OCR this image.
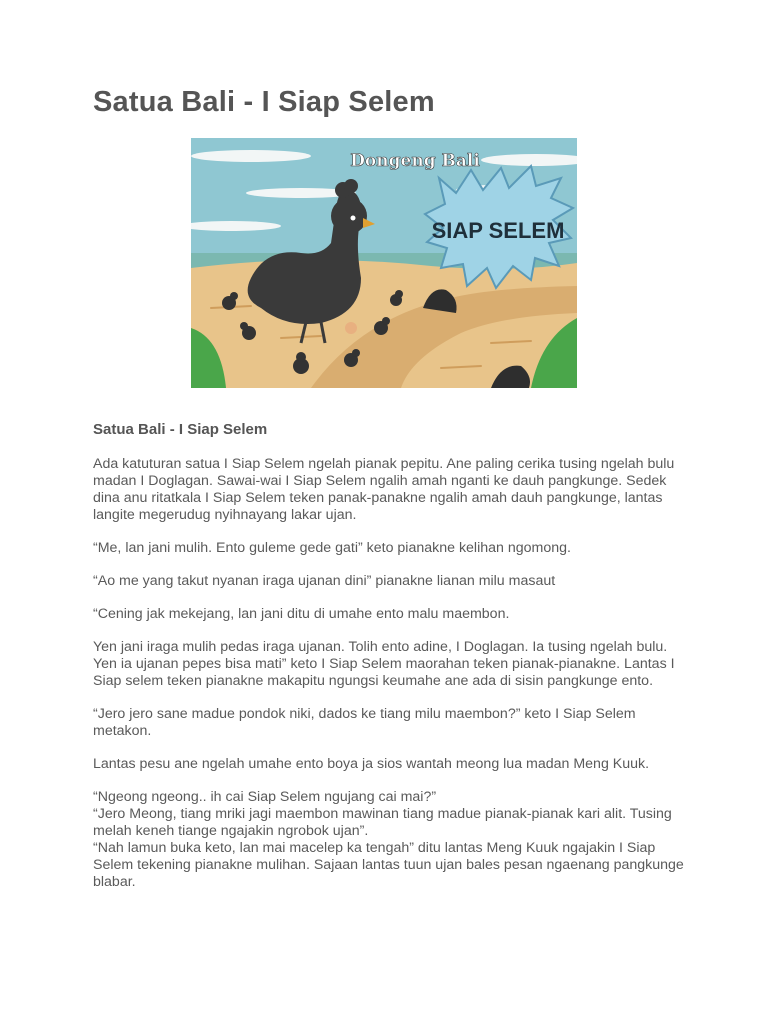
Satua Bali - I Siap Selem
SIAP SELEM
Dongeng Bali
Satua Bali - I Siap Selem

Ada katuturan satua I Siap Selem ngelah pianak pepitu. Ane paling cerika tusing ngelah bulu madan I Doglagan. Sawai-wai I Siap Selem ngalih amah nganti ke dauh pangkunge. Sedek dina anu ritatkala I Siap Selem teken panak-panakne ngalih amah dauh pangkunge, lantas langite megerudug nyihnayang lakar ujan.

“Me, lan jani mulih. Ento guleme gede gati” keto pianakne kelihan ngomong.

“Ao me yang takut nyanan iraga ujanan dini” pianakne lianan milu masaut

“Cening jak mekejang, lan jani ditu di umahe ento malu maembon.

Yen jani iraga mulih pedas iraga ujanan. Tolih ento adine, I Doglagan. Ia tusing ngelah bulu. Yen ia ujanan pepes bisa mati” keto I Siap Selem maorahan teken pianak-pianakne. Lantas I Siap selem teken pianakne makapitu ngungsi keumahe ane ada di sisin pangkunge ento.

“Jero jero sane madue pondok niki, dados ke tiang milu maembon?” keto I Siap Selem metakon.

Lantas pesu ane ngelah umahe ento boya ja sios wantah meong lua madan Meng Kuuk.

“Ngeong ngeong.. ih cai Siap Selem ngujang cai mai?”

“Jero Meong, tiang mriki jagi maembon mawinan tiang madue pianak-pianak kari alit. Tusing melah keneh tiange ngajakin ngrobok ujan”.

“Nah lamun buka keto, lan mai macelep ka tengah” ditu lantas Meng Kuuk ngajakin I Siap Selem tekening pianakne mulihan. Sajaan lantas tuun ujan bales pesan ngaenang pangkunge blabar.
